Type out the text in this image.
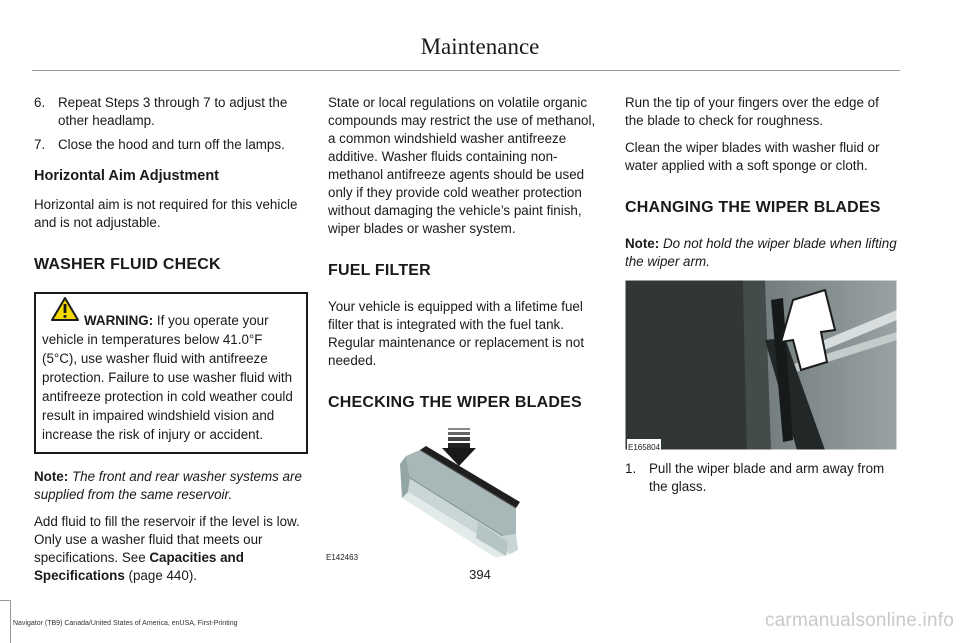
Maintenance
6. Repeat Steps 3 through 7 to adjust the other headlamp.
7. Close the hood and turn off the lamps.
Horizontal Aim Adjustment

Horizontal aim is not required for this vehicle and is not adjustable.

WASHER FLUID CHECK
WARNING: If you operate your vehicle in temperatures below 41.0°F (5°C), use washer fluid with antifreeze protection. Failure to use washer fluid with antifreeze protection in cold weather could result in impaired windshield vision and increase the risk of injury or accident.

Note: The front and rear washer systems are supplied from the same reservoir.

Add fluid to fill the reservoir if the level is low. Only use a washer fluid that meets our specifications. See Capacities and Specifications (page 440).

State or local regulations on volatile organic compounds may restrict the use of methanol, a common windshield washer antifreeze additive. Washer fluids containing non-methanol antifreeze agents should be used only if they provide cold weather protection without damaging the vehicle’s paint finish, wiper blades or washer system.

FUEL FILTER

Your vehicle is equipped with a lifetime fuel filter that is integrated with the fuel tank. Regular maintenance or replacement is not needed.

CHECKING THE WIPER BLADES
E142463

Run the tip of your fingers over the edge of the blade to check for roughness.

Clean the wiper blades with washer fluid or water applied with a soft sponge or cloth.

CHANGING THE WIPER BLADES

Note: Do not hold the wiper blade when lifting the wiper arm.

E165804
1. Pull the wiper blade and arm away from the glass.
394
Navigator (TB9) Canada/United States of America, enUSA, First-Printing	carmanualsonline.info
